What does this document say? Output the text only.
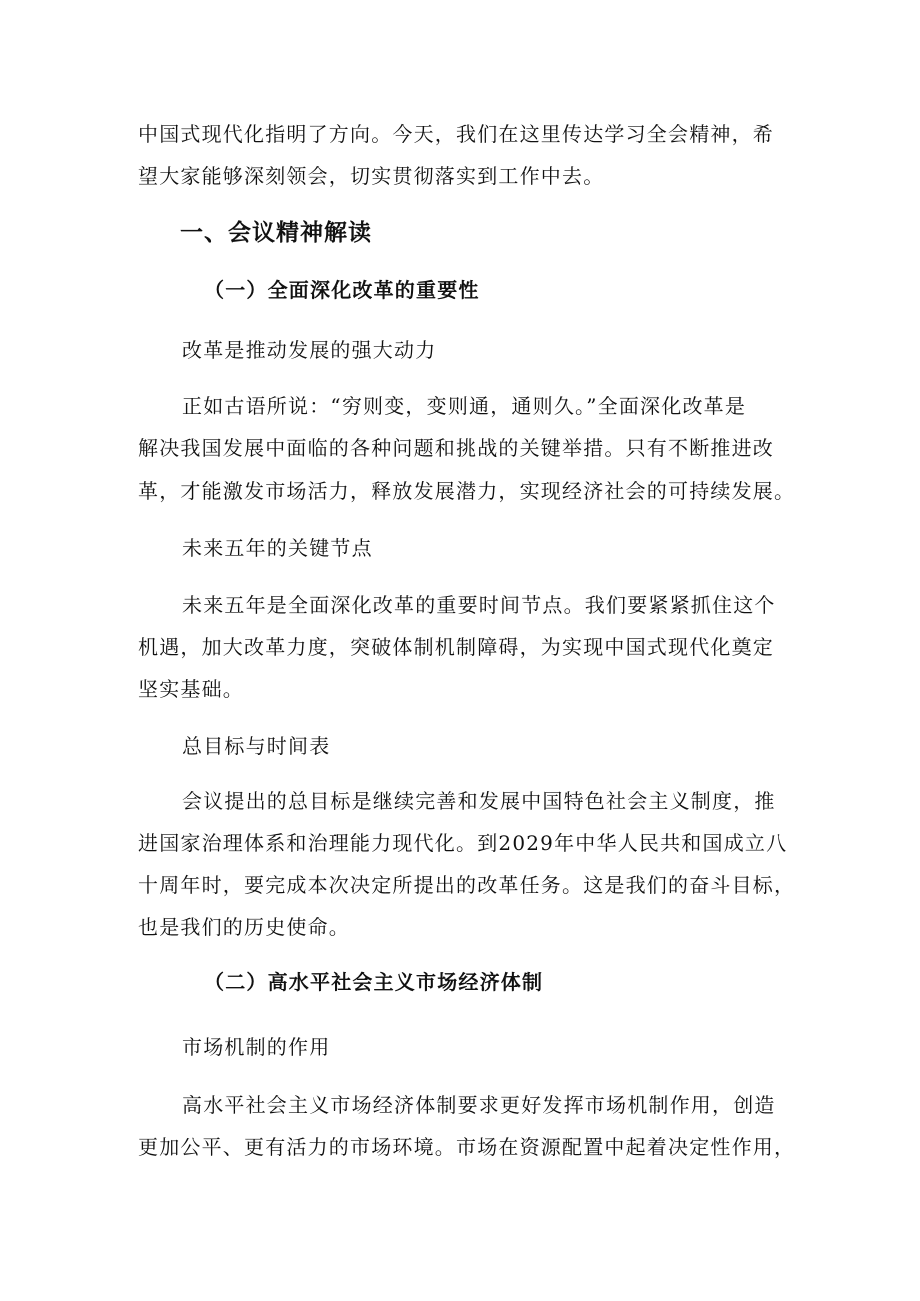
中国式现代化指明了方向。今天，我们在这里传达学习全会精神，希

望大家能够深刻领会，切实贯彻落实到工作中去。

一、会议精神解读
（一）全面深化改革的重要性

改革是推动发展的强大动力

正如古语所说：“穷则变，变则通，通则久。”全面深化改革是

解决我国发展中面临的各种问题和挑战的关键举措。只有不断推进改

革，才能激发市场活力，释放发展潜力，实现经济社会的可持续发展。

未来五年的关键节点

未来五年是全面深化改革的重要时间节点。我们要紧紧抓住这个

机遇，加大改革力度，突破体制机制障碍，为实现中国式现代化奠定

坚实基础。

总目标与时间表

会议提出的总目标是继续完善和发展中国特色社会主义制度，推

进国家治理体系和治理能力现代化。到2029年中华人民共和国成立八

十周年时，要完成本次决定所提出的改革任务。这是我们的奋斗目标，

也是我们的历史使命。

（二）高水平社会主义市场经济体制

市场机制的作用

高水平社会主义市场经济体制要求更好发挥市场机制作用，创造

更加公平、更有活力的市场环境。市场在资源配置中起着决定性作用，
